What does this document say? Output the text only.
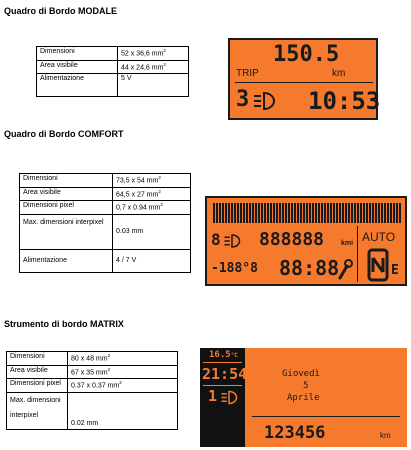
Quadro di Bordo MODALE
Dimensioni	52 x 36,6 $mm^2$
Area visibile	44 x 24,6 $mm^2$
Alimentazione	5 V
150.5
TRIP	km
3 10:53
Quadro di Bordo COMFORT
Dimensioni	73,5 x 54 $mm^2$
Area visibile	64,5 x 27 $mm^2$
Dimensioni pixel	0,7 x 0.94 $mm^2$
Max. dimensioni interpixel	0.03 mm
Alimentazione	4 / 7 V
8 888888 kmi AUTO
-188°8 88:88	E
Strumento di bordo MATRIX
Dimensioni	80 x 48 $mm^2$
Area visibile	67 x 35 $mm^2$
Dimensioni pixel	0.37 x 0.37 $mm^2$
Max. dimensioni interpixel	0.02 mm
16.5°C
21:54
1
Giovedì
5
Aprile
123456	km
